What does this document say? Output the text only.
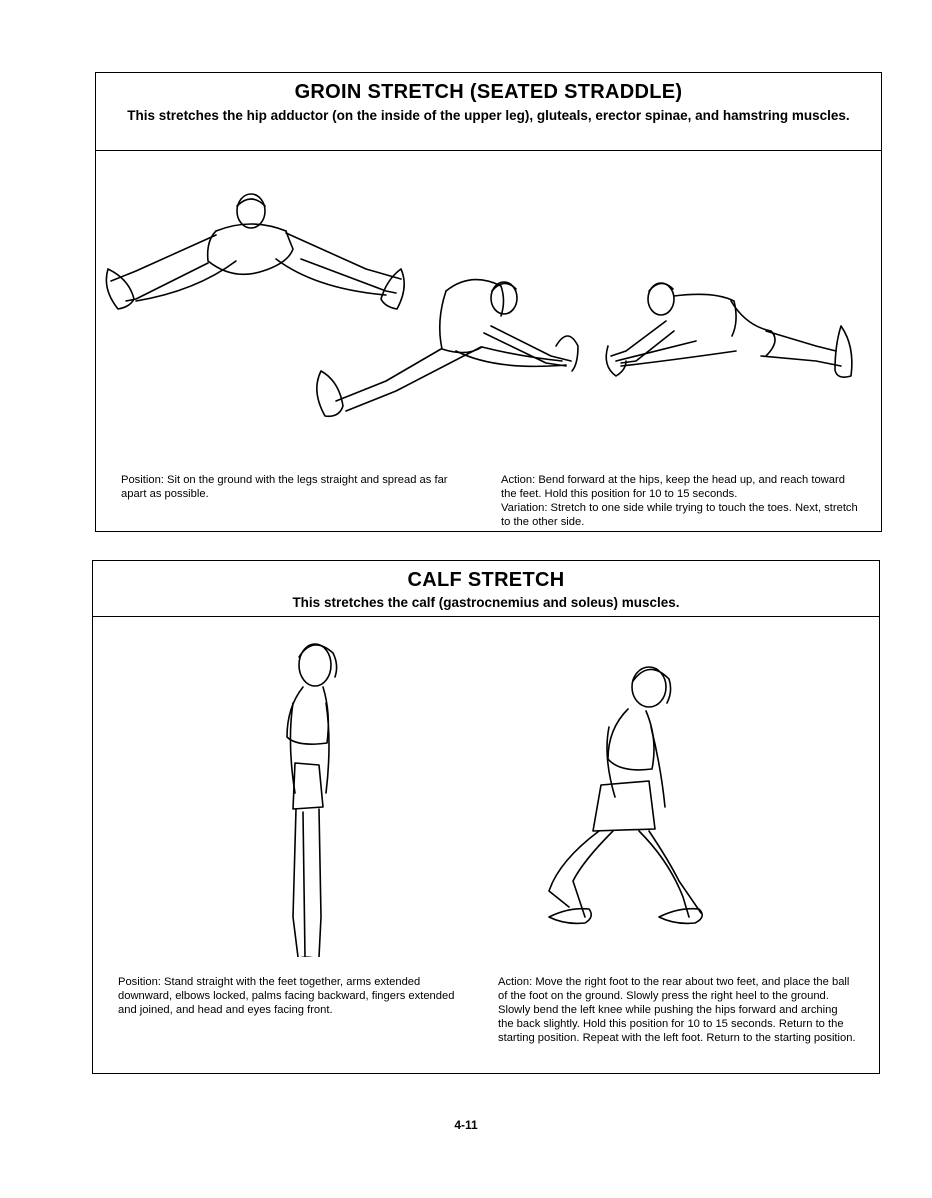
GROIN STRETCH (SEATED STRADDLE)
This stretches the hip adductor (on the inside of the upper leg), gluteals, erector spinae, and hamstring muscles.
Position: Sit on the ground with the legs straight and spread as far apart as possible.
Action: Bend forward at the hips, keep the head up, and reach toward the feet. Hold this position for 10 to 15 seconds.
Variation: Stretch to one side while trying to touch the toes. Next, stretch to the other side.
CALF STRETCH
This stretches the calf (gastrocnemius and soleus) muscles.
Position: Stand straight with the feet together, arms extended downward, elbows locked, palms facing backward, fingers extended and joined, and head and eyes facing front.
Action: Move the right foot to the rear about two feet, and place the ball of the foot on the ground. Slowly press the right heel to the ground. Slowly bend the left knee while pushing the hips forward and arching the back slightly. Hold this position for 10 to 15 seconds. Return to the starting position. Repeat with the left foot. Return to the starting position.
4-11
